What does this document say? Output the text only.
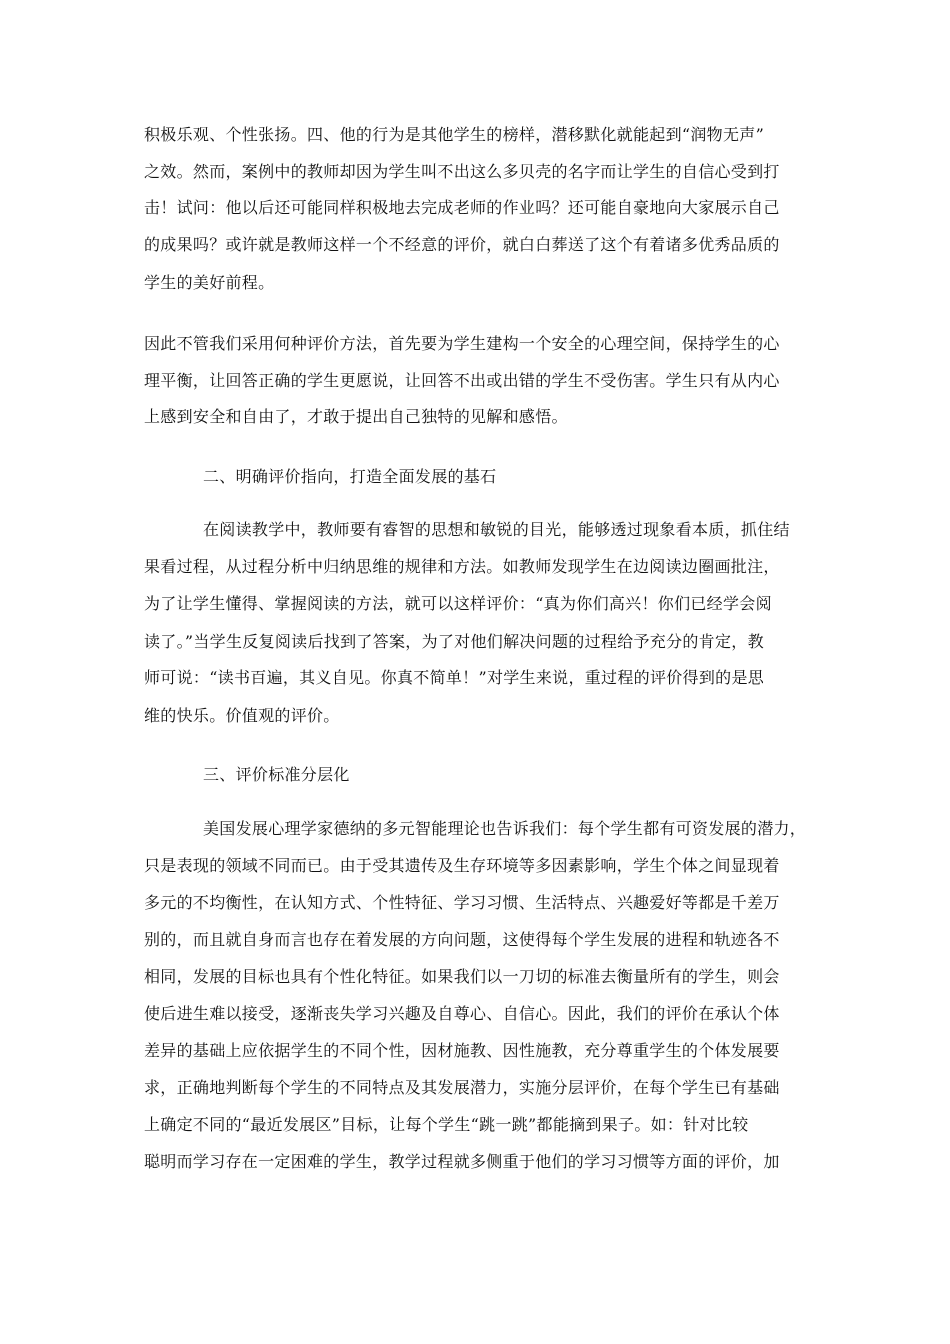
积极乐观、个性张扬。四、他的行为是其他学生的榜样，潜移默化就能起到“润物无声”
之效。然而，案例中的教师却因为学生叫不出这么多贝壳的名字而让学生的自信心受到打
击！试问：他以后还可能同样积极地去完成老师的作业吗？还可能自豪地向大家展示自己
的成果吗？或许就是教师这样一个不经意的评价，就白白葬送了这个有着诸多优秀品质的
学生的美好前程。
因此不管我们采用何种评价方法，首先要为学生建构一个安全的心理空间，保持学生的心
理平衡，让回答正确的学生更愿说，让回答不出或出错的学生不受伤害。学生只有从内心
上感到安全和自由了，才敢于提出自己独特的见解和感悟。
二、明确评价指向，打造全面发展的基石
在阅读教学中，教师要有睿智的思想和敏锐的目光，能够透过现象看本质，抓住结
果看过程，从过程分析中归纳思维的规律和方法。如教师发现学生在边阅读边圈画批注，
为了让学生懂得、掌握阅读的方法，就可以这样评价：“真为你们高兴！你们已经学会阅
读了。”当学生反复阅读后找到了答案，为了对他们解决问题的过程给予充分的肯定，教
师可说：“读书百遍，其义自见。你真不简单！”对学生来说，重过程的评价得到的是思
维的快乐。价值观的评价。
三、评价标准分层化
美国发展心理学家德纳的多元智能理论也告诉我们：每个学生都有可资发展的潜力，
只是表现的领域不同而已。由于受其遗传及生存环境等多因素影响，学生个体之间显现着
多元的不均衡性，在认知方式、个性特征、学习习惯、生活特点、兴趣爱好等都是千差万
别的，而且就自身而言也存在着发展的方向问题，这使得每个学生发展的进程和轨迹各不
相同，发展的目标也具有个性化特征。如果我们以一刀切的标准去衡量所有的学生，则会
使后进生难以接受，逐渐丧失学习兴趣及自尊心、自信心。因此，我们的评价在承认个体
差异的基础上应依据学生的不同个性，因材施教、因性施教，充分尊重学生的个体发展要
求，正确地判断每个学生的不同特点及其发展潜力，实施分层评价，在每个学生已有基础
上确定不同的“最近发展区”目标，让每个学生“跳一跳”都能摘到果子。如：针对比较
聪明而学习存在一定困难的学生，教学过程就多侧重于他们的学习习惯等方面的评价，加
